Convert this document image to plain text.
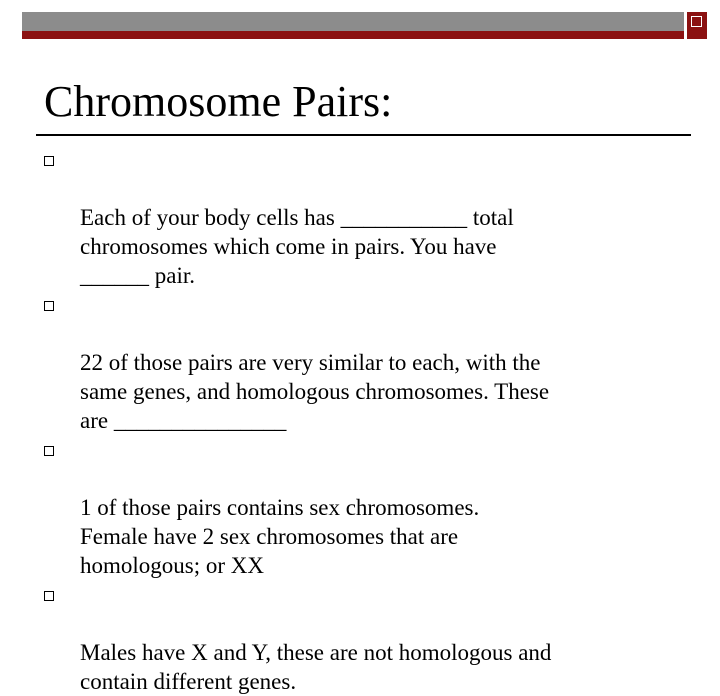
Chromosome Pairs:

Each of your body cells has ___________ total
chromosomes which come in pairs. You have
______ pair.

22 of those pairs are very similar to each, with the
same genes, and homologous chromosomes. These
are _______________

1 of those pairs contains sex chromosomes.
Female have 2 sex chromosomes that are
homologous; or XX

Males have X and Y, these are not homologous and
contain different genes.
